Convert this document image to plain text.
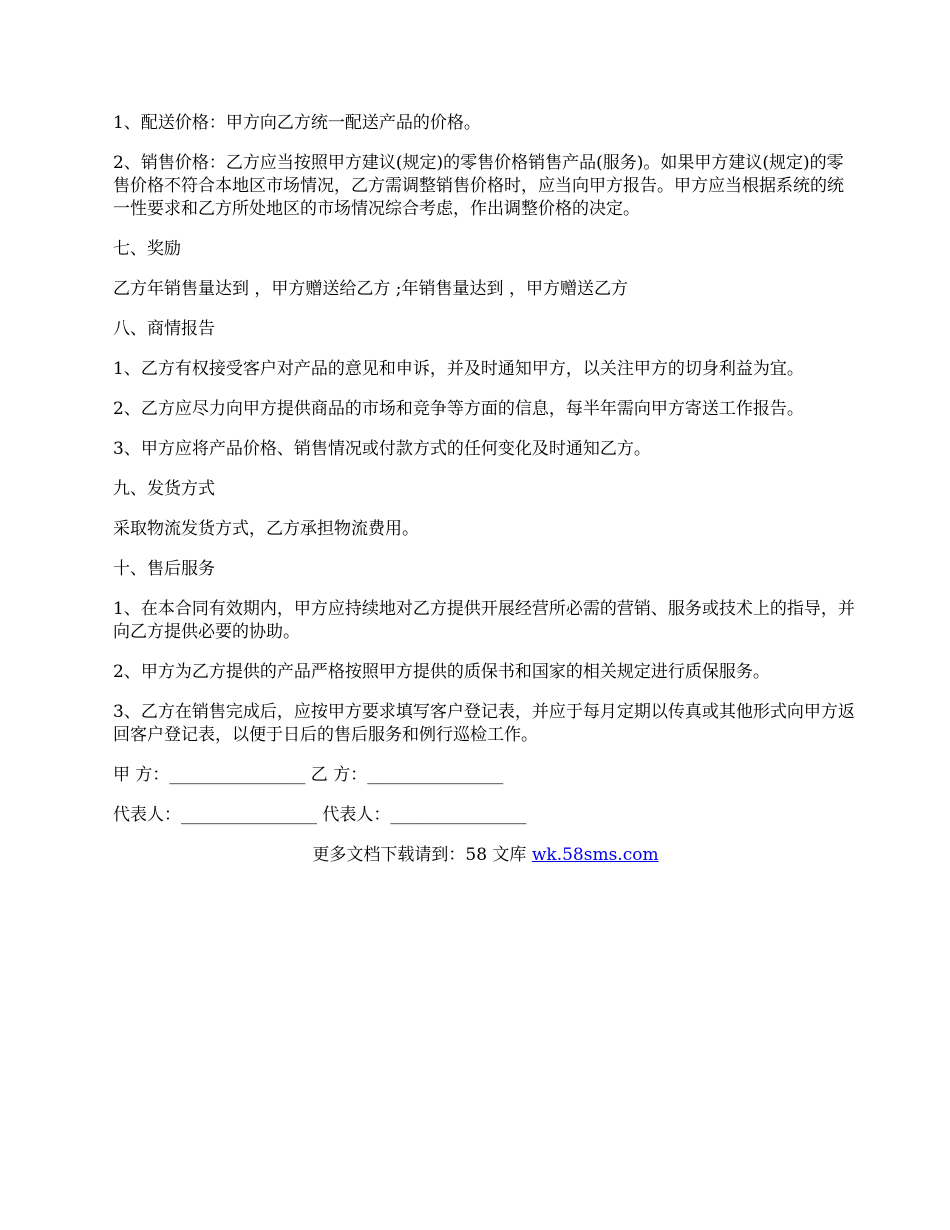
1、配送价格：甲方向乙方统一配送产品的价格。

2、销售价格：乙方应当按照甲方建议(规定)的零售价格销售产品(服务)。如果甲方建议(规定)的零售价格不符合本地区市场情况，乙方需调整销售价格时，应当向甲方报告。甲方应当根据系统的统一性要求和乙方所处地区的市场情况综合考虑，作出调整价格的决定。

七、奖励

乙方年销售量达到 ，甲方赠送给乙方 ;年销售量达到 ，甲方赠送乙方

八、商情报告

1、乙方有权接受客户对产品的意见和申诉，并及时通知甲方，以关注甲方的切身利益为宜。

2、乙方应尽力向甲方提供商品的市场和竞争等方面的信息，每半年需向甲方寄送工作报告。

3、甲方应将产品价格、销售情况或付款方式的任何变化及时通知乙方。

九、发货方式

采取物流发货方式，乙方承担物流费用。

十、售后服务

1、在本合同有效期内，甲方应持续地对乙方提供开展经营所必需的营销、服务或技术上的指导，并向乙方提供必要的协助。

2、甲方为乙方提供的产品严格按照甲方提供的质保书和国家的相关规定进行质保服务。

3、乙方在销售完成后，应按甲方要求填写客户登记表，并应于每月定期以传真或其他形式向甲方返回客户登记表，以便于日后的售后服务和例行巡检工作。

甲 方：________________ 乙 方：________________

代表人：________________ 代表人：________________

更多文档下载请到：58 文库 wk.58sms.com
